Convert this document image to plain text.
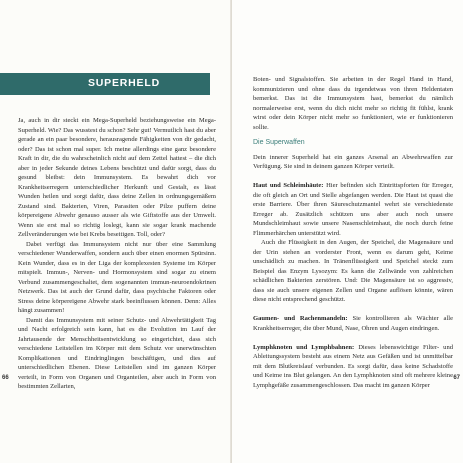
SUPERHELD

Ja, auch in dir steckt ein Mega-Superheld beziehungsweise ein Mega-Superheld. Wie? Das wusstest du schon? Sehr gut! Vermutlich hast du aber gerade an ein paar besondere, herausragende Fähigkeiten von dir gedacht, oder? Das ist schon mal super. Ich meine allerdings eine ganz besondere Kraft in dir, die du wahrscheinlich nicht auf dem Zettel hattest – die dich aber in jeder Sekunde deines Lebens beschützt und dafür sorgt, dass du gesund bleibst: dein Immunsystem. Es bewahrt dich vor Krankheitserregern unterschiedlicher Herkunft und Gestalt, es lässt Wunden heilen und sorgt dafür, dass deine Zellen in ordnungsgemäßem Zustand sind. Bakterien, Viren, Parasiten oder Pilze puffern deine körpereigene Abwehr genauso ausser als wie Giftstoffe aus der Umwelt. Wenn sie erst mal so richtig loslegt, kann sie sogar krank machende Zellveränderungen wie bei Krebs beseitigen. Toll, oder?

Dabei verfügt das Immunsystem nicht nur über eine Sammlung verschiedener Wunderwaffen, sondern auch über einen enormen Spürsinn. Kein Wunder, dass es in der Liga der komplexesten Systeme im Körper mitspielt. Immun-, Nerven- und Hormonsystem sind sogar zu einem Verbund zusammengeschaltet, dem sogenannten immun-neuroendokrinen Netzwerk. Das ist auch der Grund dafür, dass psychische Faktoren oder Stress deine körpereigene Abwehr stark beeinflussen können. Denn: Alles hängt zusammen!

Damit das Immunsystem mit seiner Schutz- und Abwehrtätigkeit Tag und Nacht erfolgreich sein kann, hat es die Evolution im Lauf der Jahrtausende der Menschheitsentwicklung so eingerichtet, dass sich verschiedene Leitstellen im Körper mit dem Schutz vor unerwünschten Komplikationen und Eindringlingen beschäftigen, und dies auf unterschiedlichen Ebenen. Diese Leitstellen sind im ganzen Körper verteilt, in Form von Organen und Organteilen, aber auch in Form von bestimmten Zellarten,

66

Boten- und Signalstoffen. Sie arbeiten in der Regel Hand in Hand, kommunizieren und ohne dass du irgendetwas von ihren Heldentaten bemerkst. Das ist die Immunsystem hast, bemerkst du nämlich normalerweise erst, wenn du dich nicht mehr so richtig fit fühlst, krank wirst oder dein Körper nicht mehr so funktioniert, wie er funktionieren sollte.

Die Superwaffen

Dein innerer Superheld hat ein ganzes Arsenal an Abwehrwaffen zur Verfügung. Sie sind in deinem ganzen Körper verteilt.

Haut und Schleimhäute: Hier befinden sich Eintrittspforten für Erreger, die oft gleich an Ort und Stelle abgefangen werden. Die Haut ist quasi die erste Barriere. Über ihren Säureschutzmantel wehrt sie verschiedenste Erreger ab. Zusätzlich schützen uns aber auch noch unsere Mundschleimhaut sowie unsere Nasenschleimhaut, die noch durch feine Flimmerhärchen unterstützt wird.

Auch die Flüssigkeit in den Augen, der Speichel, die Magensäure und der Urin stehen an vorderster Front, wenn es darum geht, Keime unschädlich zu machen. In Tränenflüssigkeit und Speichel steckt zum Beispiel das Enzym Lysozym: Es kann die Zellwände von zahlreichen schädlichen Bakterien zerstören. Und: Die Magensäure ist so aggressiv, dass sie auch unsere eigenen Zellen und Organe auflösen könnte, wären diese nicht entsprechend geschützt.

Gaumen- und Rachenmandeln: Sie kontrollieren als Wächter alle Krankheitserreger, die über Mund, Nase, Ohren und Augen eindringen.

Lymphknoten und Lymphbahnen: Dieses lebenswichtige Filter- und Ableitungssystem besteht aus einem Netz aus Gefäßen und ist unmittelbar mit dem Blutkreislauf verbunden. Es sorgt dafür, dass keine Schadstoffe und Keime ins Blut gelangen. An den Lymphknoten sind oft mehrere kleine Lymphgefäße zusammengeschlossen. Das macht im ganzen Körper

67
